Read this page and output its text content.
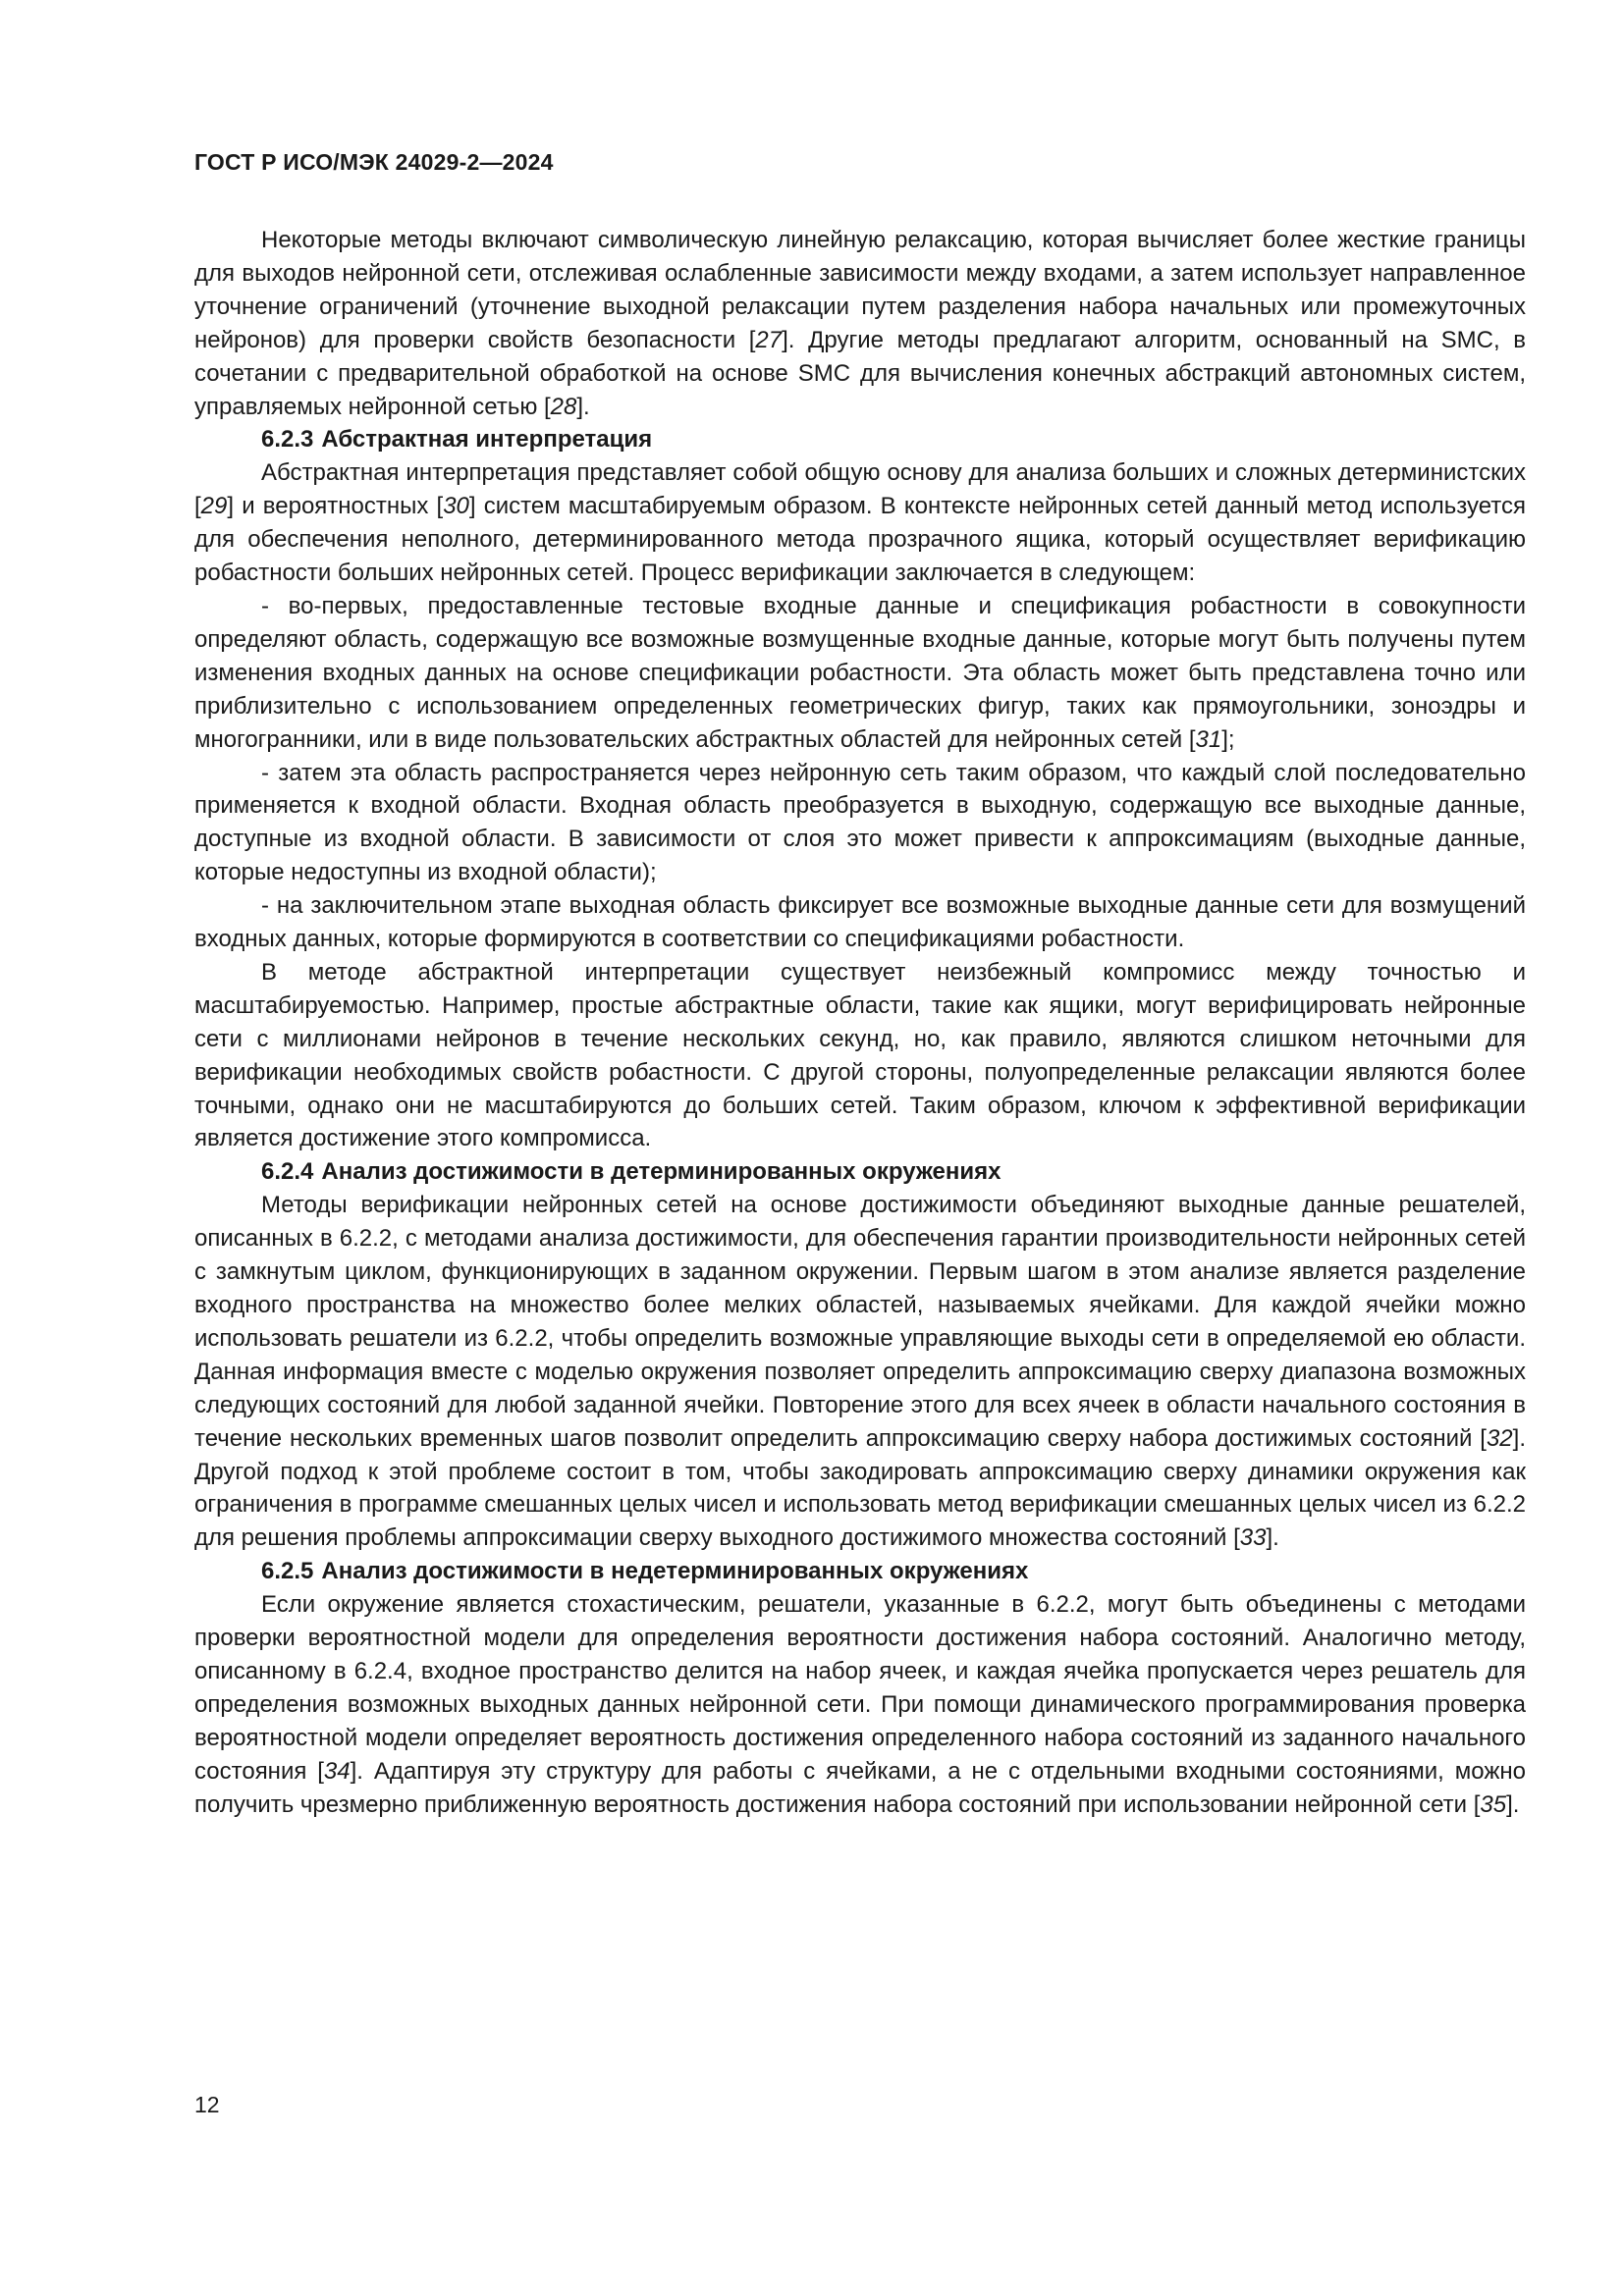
ГОСТ Р ИСО/МЭК 24029-2—2024

Некоторые методы включают символическую линейную релаксацию, которая вычисляет более жесткие границы для выходов нейронной сети, отслеживая ослабленные зависимости между входами, а затем использует направленное уточнение ограничений (уточнение выходной релаксации путем разделения набора начальных или промежуточных нейронов) для проверки свойств безопасности [27]. Другие методы предлагают алгоритм, основанный на SMC, в сочетании с предварительной обработкой на основе SMC для вычисления конечных абстракций автономных систем, управляемых нейронной сетью [28].

6.2.3 Абстрактная интерпретация

Абстрактная интерпретация представляет собой общую основу для анализа больших и сложных детерминистских [29] и вероятностных [30] систем масштабируемым образом. В контексте нейронных сетей данный метод используется для обеспечения неполного, детерминированного метода прозрачного ящика, который осуществляет верификацию робастности больших нейронных сетей. Процесс верификации заключается в следующем:

- во-первых, предоставленные тестовые входные данные и спецификация робастности в совокупности определяют область, содержащую все возможные возмущенные входные данные, которые могут быть получены путем изменения входных данных на основе спецификации робастности. Эта область может быть представлена точно или приблизительно с использованием определенных геометрических фигур, таких как прямоугольники, зоноэдры и многогранники, или в виде пользовательских абстрактных областей для нейронных сетей [31];

- затем эта область распространяется через нейронную сеть таким образом, что каждый слой последовательно применяется к входной области. Входная область преобразуется в выходную, содержащую все выходные данные, доступные из входной области. В зависимости от слоя это может привести к аппроксимациям (выходные данные, которые недоступны из входной области);

- на заключительном этапе выходная область фиксирует все возможные выходные данные сети для возмущений входных данных, которые формируются в соответствии со спецификациями робастности.

В методе абстрактной интерпретации существует неизбежный компромисс между точностью и масштабируемостью. Например, простые абстрактные области, такие как ящики, могут верифицировать нейронные сети с миллионами нейронов в течение нескольких секунд, но, как правило, являются слишком неточными для верификации необходимых свойств робастности. С другой стороны, полуопределенные релаксации являются более точными, однако они не масштабируются до больших сетей. Таким образом, ключом к эффективной верификации является достижение этого компромисса.

6.2.4 Анализ достижимости в детерминированных окружениях

Методы верификации нейронных сетей на основе достижимости объединяют выходные данные решателей, описанных в 6.2.2, с методами анализа достижимости, для обеспечения гарантии производительности нейронных сетей с замкнутым циклом, функционирующих в заданном окружении. Первым шагом в этом анализе является разделение входного пространства на множество более мелких областей, называемых ячейками. Для каждой ячейки можно использовать решатели из 6.2.2, чтобы определить возможные управляющие выходы сети в определяемой ею области. Данная информация вместе с моделью окружения позволяет определить аппроксимацию сверху диапазона возможных следующих состояний для любой заданной ячейки. Повторение этого для всех ячеек в области начального состояния в течение нескольких временных шагов позволит определить аппроксимацию сверху набора достижимых состояний [32]. Другой подход к этой проблеме состоит в том, чтобы закодировать аппроксимацию сверху динамики окружения как ограничения в программе смешанных целых чисел и использовать метод верификации смешанных целых чисел из 6.2.2 для решения проблемы аппроксимации сверху выходного достижимого множества состояний [33].

6.2.5 Анализ достижимости в недетерминированных окружениях

Если окружение является стохастическим, решатели, указанные в 6.2.2, могут быть объединены с методами проверки вероятностной модели для определения вероятности достижения набора состояний. Аналогично методу, описанному в 6.2.4, входное пространство делится на набор ячеек, и каждая ячейка пропускается через решатель для определения возможных выходных данных нейронной сети. При помощи динамического программирования проверка вероятностной модели определяет вероятность достижения определенного набора состояний из заданного начального состояния [34]. Адаптируя эту структуру для работы с ячейками, а не с отдельными входными состояниями, можно получить чрезмерно приближенную вероятность достижения набора состояний при использовании нейронной сети [35].

12
